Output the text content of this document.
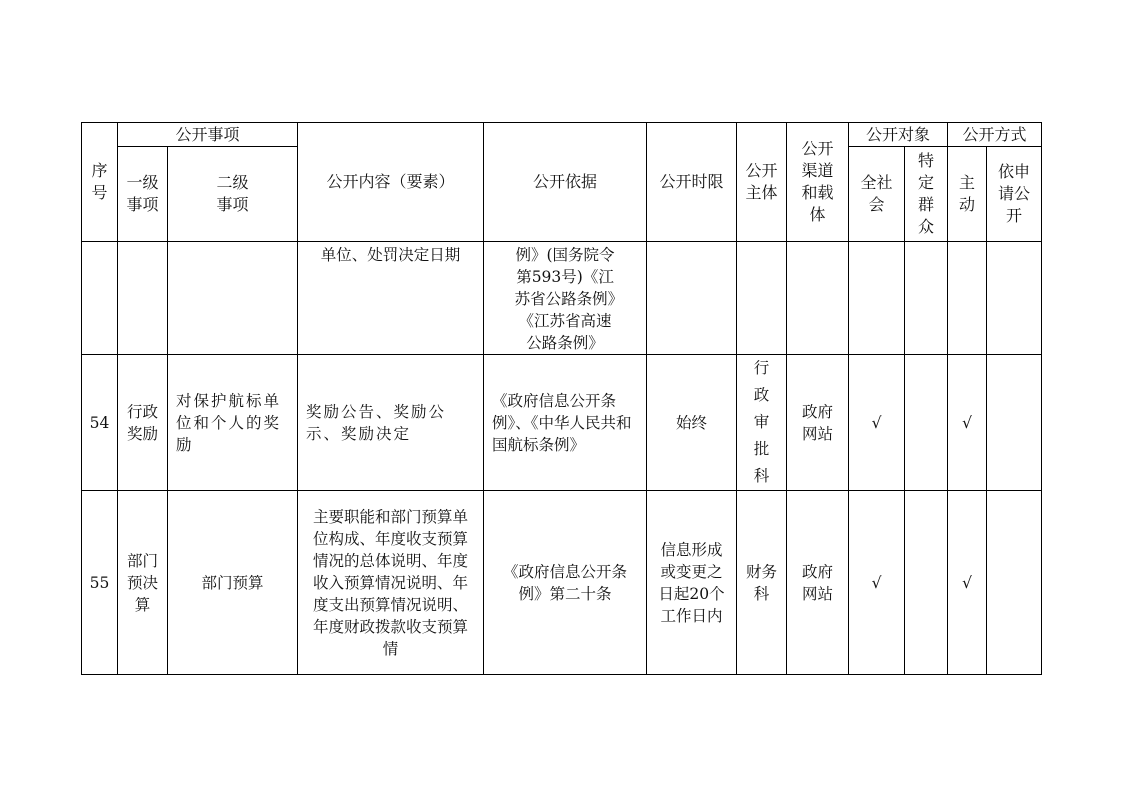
序号	公开事项		公开内容（要素）	公开依据	公开时限	公开主体	公开渠道和载体	公开对象		公开方式	
	一级事项	二级事项						全社会	特定群众	主动	依申请公开
			单位、处罚决定日期	例》(国务院令第593号)《江苏省公路条例》《江苏省高速公路条例》							
54	行政奖励	对保护航标单位和个人的奖励	奖励公告、奖励公示、奖励决定	《政府信息公开条例》、《中华人民共和国航标条例》	始终	行政审批科	政府网站	√		√	
55	部门预决算	部门预算	主要职能和部门预算单位构成、年度收支预算情况的总体说明、年度收入预算情况说明、年度支出预算情况说明、年度财政拨款收支预算情	《政府信息公开条例》第二十条	信息形成或变更之日起20个工作日内	财务科	政府网站	√		√	
